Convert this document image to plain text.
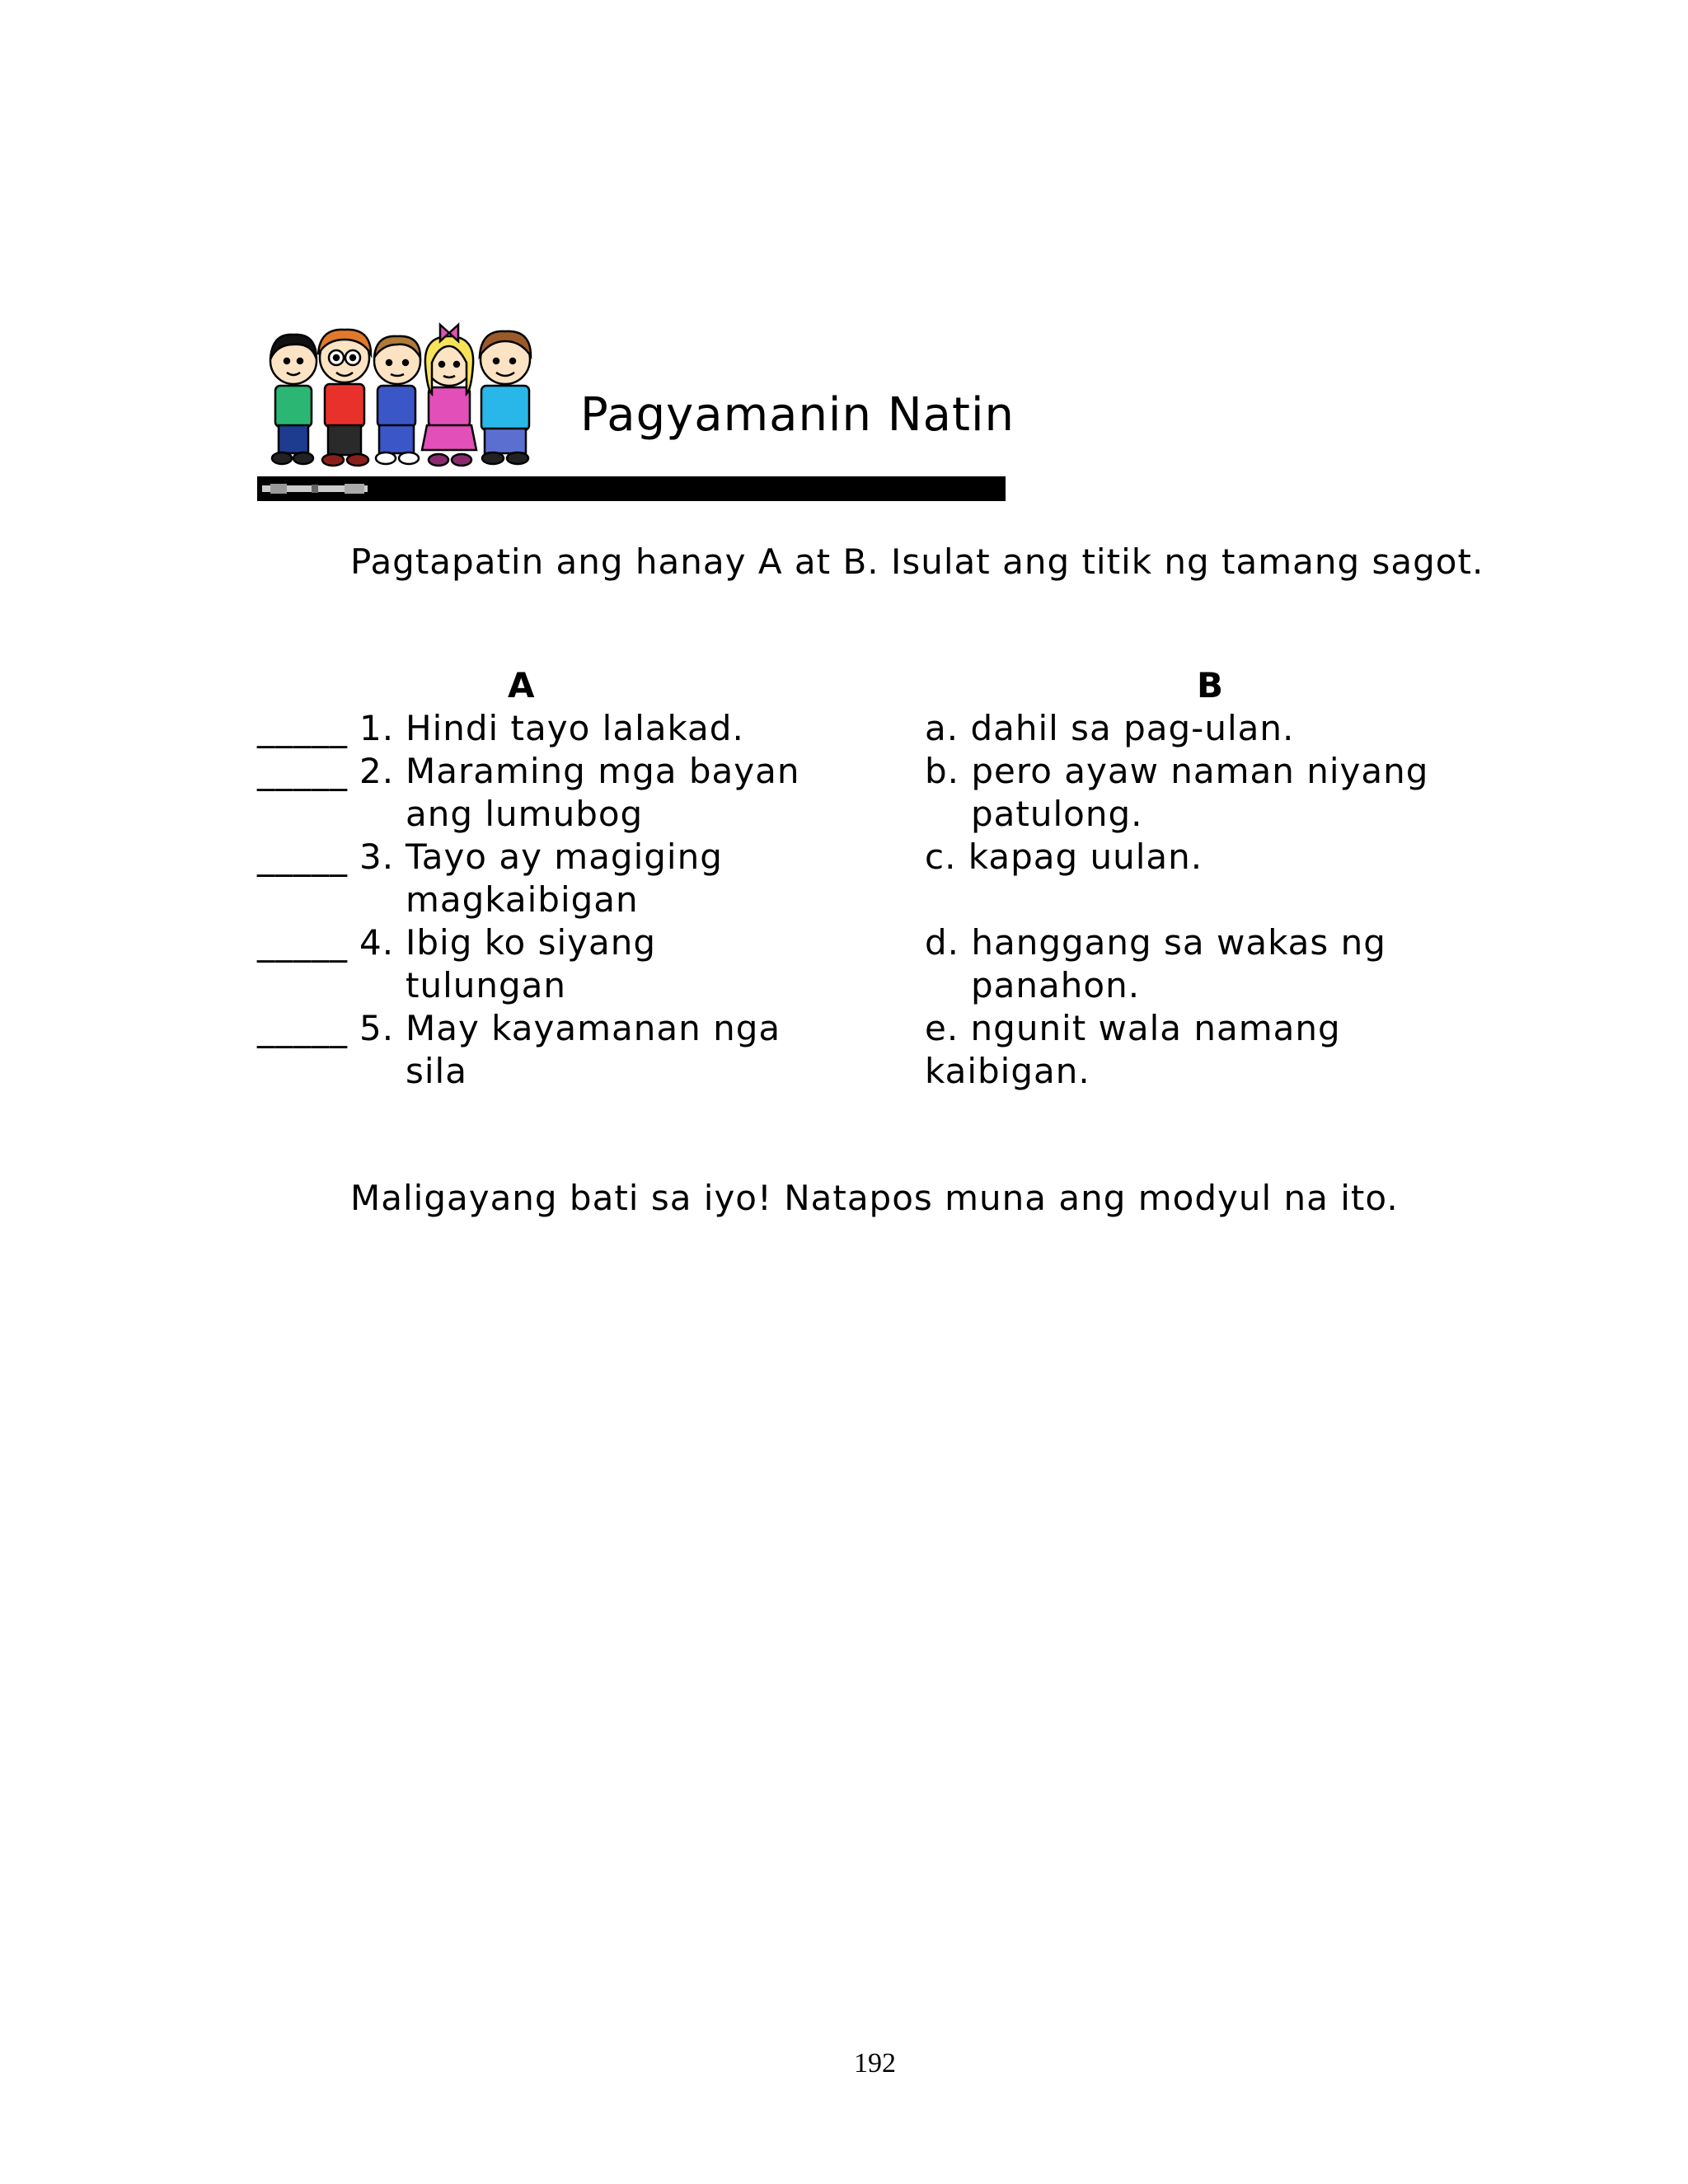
Pagyamanin Natin
Pagtapatin ang hanay A at B. Isulat ang titik ng tamang sagot.
A	B
_____ 1. Hindi tayo lalakad.
_____ 2. Maraming mga bayan
ang lumubog
_____ 3. Tayo ay magiging
magkaibigan
_____ 4. Ibig ko siyang
tulungan
_____ 5. May kayamanan nga
sila
a. dahil sa pag-ulan.
b. pero ayaw naman niyang
patulong.
c. kapag uulan.
d. hanggang sa wakas ng
panahon.
e. ngunit wala namang
kaibigan.
Maligayang bati sa iyo! Natapos muna ang modyul na ito.
192
